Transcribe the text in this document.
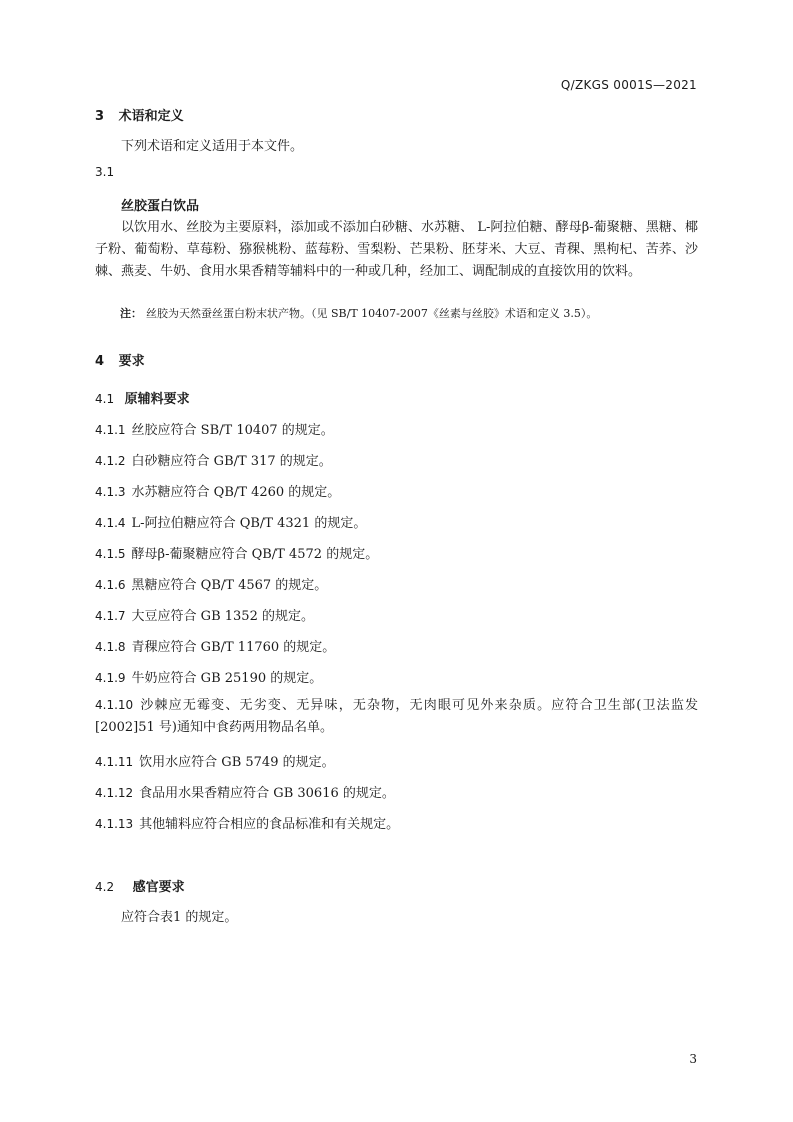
Q/ZKGS 0001S—2021
3 术语和定义
下列术语和定义适用于本文件。
3.1
丝胶蛋白饮品
以饮用水、丝胶为主要原料，添加或不添加白砂糖、水苏糖、 L-阿拉伯糖、酵母β-葡聚糖、黑糖、椰子粉、葡萄粉、草莓粉、猕猴桃粉、蓝莓粉、雪梨粉、芒果粉、胚芽米、大豆、青稞、黑枸杞、苦荞、沙棘、燕麦、牛奶、食用水果香精等辅料中的一种或几种，经加工、调配制成的直接饮用的饮料。
注： 丝胶为天然蚕丝蛋白粉末状产物。（见 SB/T 10407-2007《丝素与丝胶》术语和定义 3.5）。
4 要求
4.1 原辅料要求
4.1.1 丝胶应符合 SB/T 10407 的规定。
4.1.2 白砂糖应符合 GB/T 317 的规定。
4.1.3 水苏糖应符合 QB/T 4260 的规定。
4.1.4 L-阿拉伯糖应符合 QB/T 4321 的规定。
4.1.5 酵母β-葡聚糖应符合 QB/T 4572 的规定。
4.1.6 黑糖应符合 QB/T 4567 的规定。
4.1.7 大豆应符合 GB 1352 的规定。
4.1.8 青稞应符合 GB/T 11760 的规定。
4.1.9 牛奶应符合 GB 25190 的规定。
4.1.10 沙棘应无霉变、无劣变、无异味，无杂物，无肉眼可见外来杂质。应符合卫生部(卫法监发[2002]51 号)通知中食药两用物品名单。
4.1.11 饮用水应符合 GB 5749 的规定。
4.1.12 食品用水果香精应符合 GB 30616 的规定。
4.1.13 其他辅料应符合相应的食品标准和有关规定。
4.2 感官要求
应符合表1 的规定。
3
